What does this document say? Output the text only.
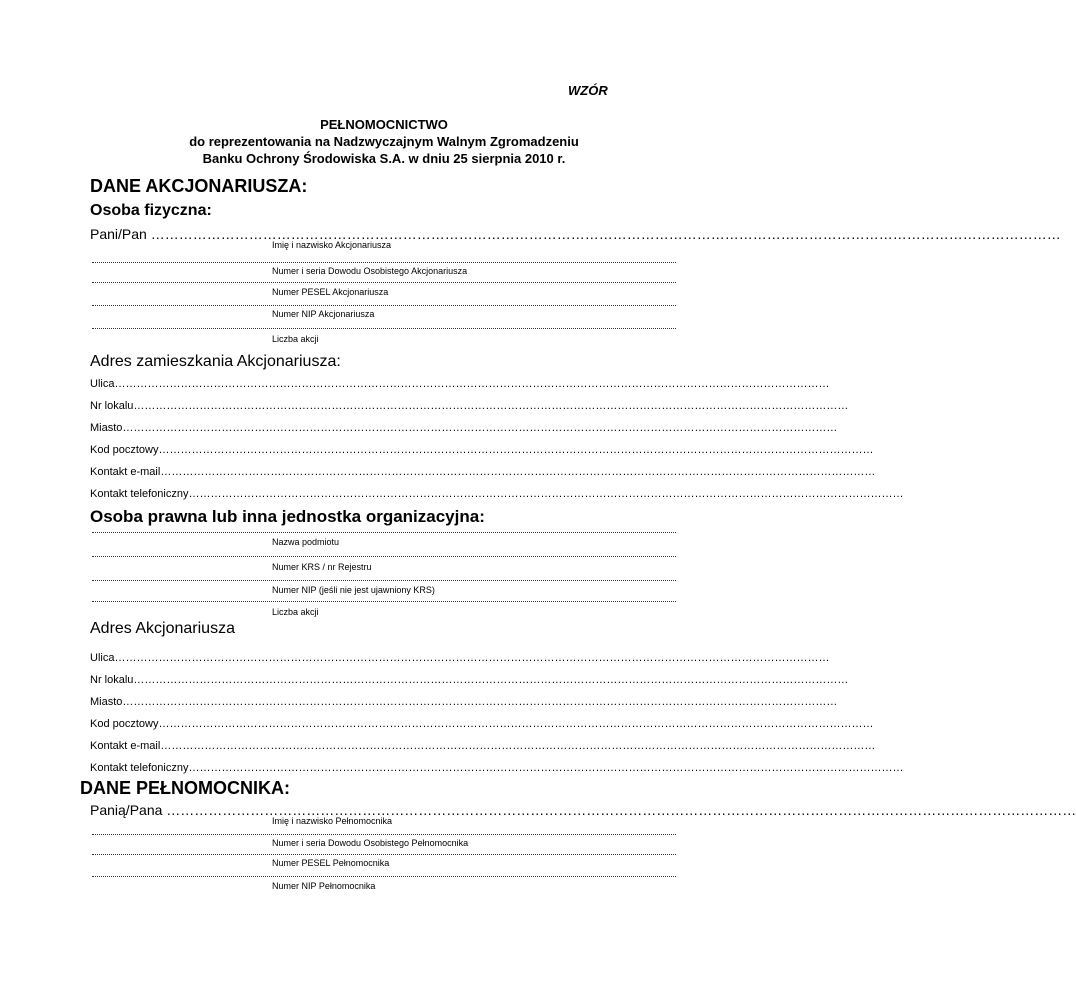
WZÓR
PEŁNOMOCNICTWO
do reprezentowania na Nadzwyczajnym Walnym Zgromadzeniu
Banku Ochrony Środowiska S.A. w dniu 25 sierpnia 2010 r.
DANE AKCJONARIUSZA:
Osoba fizyczna:
Pani/Pan ……………………………………………………………………………………………………………………………………………………………………………
Imię i nazwisko Akcjonariusza
Numer i seria Dowodu Osobistego Akcjonariusza
Numer PESEL Akcjonariusza
Numer NIP Akcjonariusza
Liczba akcji
Adres zamieszkania Akcjonariusza:
Ulica……………………………………………………………………………………………………………………………………………………………………………
Nr lokalu……………………………………………………………………………………………………………………………………………………………………………
Miasto……………………………………………………………………………………………………………………………………………………………………………
Kod pocztowy……………………………………………………………………………………………………………………………………………………………………………
Kontakt e-mail……………………………………………………………………………………………………………………………………………………………………………
Kontakt telefoniczny……………………………………………………………………………………………………………………………………………………………………………
Osoba prawna lub inna jednostka organizacyjna:
Nazwa podmiotu
Numer KRS / nr Rejestru
Numer NIP (jeśli nie jest ujawniony KRS)
Liczba akcji
Adres Akcjonariusza
Ulica……………………………………………………………………………………………………………………………………………………………………………
Nr lokalu……………………………………………………………………………………………………………………………………………………………………………
Miasto……………………………………………………………………………………………………………………………………………………………………………
Kod pocztowy……………………………………………………………………………………………………………………………………………………………………………
Kontakt e-mail……………………………………………………………………………………………………………………………………………………………………………
Kontakt telefoniczny……………………………………………………………………………………………………………………………………………………………………………
DANE PEŁNOMOCNIKA:
Panią/Pana ……………………………………………………………………………………………………………………………………………………………………………
Imię i nazwisko Pełnomocnika
Numer i seria Dowodu Osobistego Pełnomocnika
Numer PESEL Pełnomocnika
Numer NIP Pełnomocnika
